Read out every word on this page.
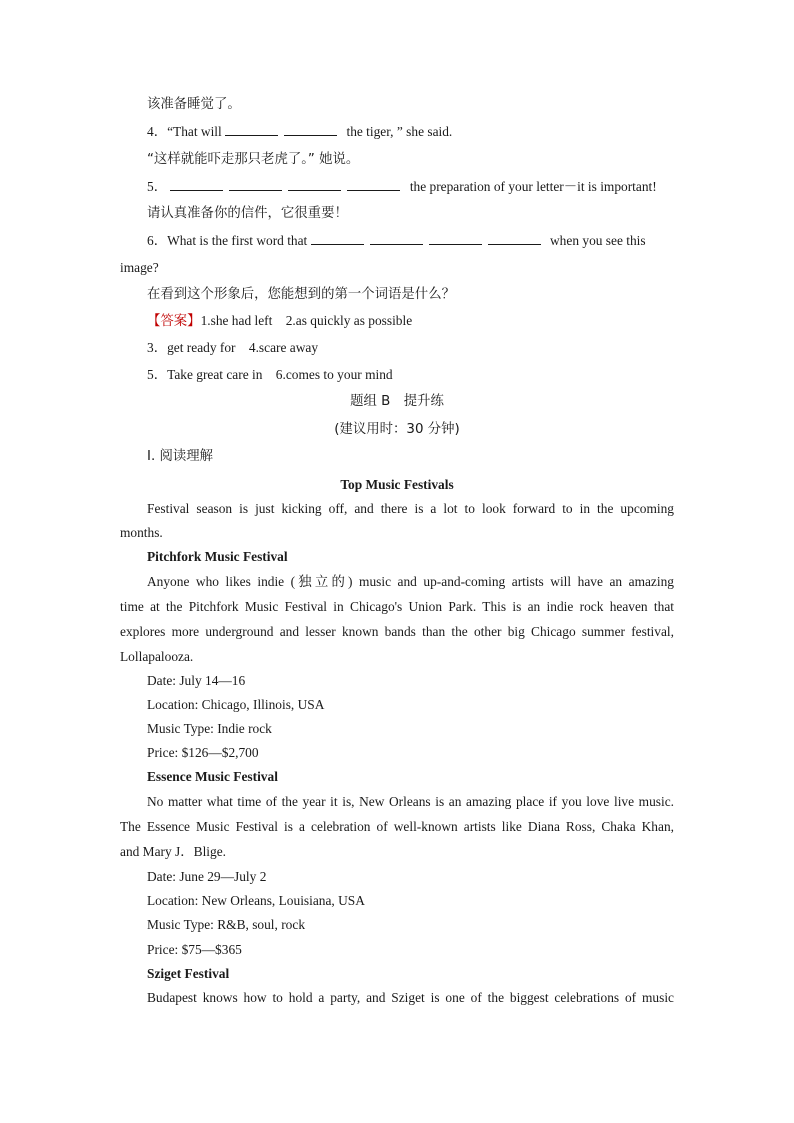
该准备睡觉了。
4．“That will	the tiger, ” she said.
“这样就能吓走那只老虎了。” 她说。
5．	the preparation of your letter－it is important!
请认真准备你的信件，它很重要！
6．What is the first word that	when you see this
image?
在看到这个形象后，您能想到的第一个词语是什么？
【答案】1.she had left　2.as quickly as possible
3．get ready for　4.scare away
5．Take great care in　6.comes to your mind
题组 B　提升练
(建议用时：30 分钟)
Ⅰ. 阅读理解
Top Music Festivals
Festival season is just kicking off, and there is a lot to look forward to in the upcoming
months.
Pitchfork Music Festival
Anyone who likes indie (独立的) music and up-and-coming artists will have an amazing
time at the Pitchfork Music Festival in Chicago's Union Park. This is an indie rock heaven that
explores more underground and lesser known bands than the other big Chicago summer festival,
Lollapalooza.
Date: July 14—16
Location: Chicago, Illinois, USA
Music Type: Indie rock
Price: $126—$2,700
Essence Music Festival
No matter what time of the year it is, New Orleans is an amazing place if you love live music.
The Essence Music Festival is a celebration of well-known artists like Diana Ross, Chaka Khan,
and Mary J．Blige.
Date: June 29—July 2
Location: New Orleans, Louisiana, USA
Music Type: R&B, soul, rock
Price: $75—$365
Sziget Festival
Budapest knows how to hold a party, and Sziget is one of the biggest celebrations of music
